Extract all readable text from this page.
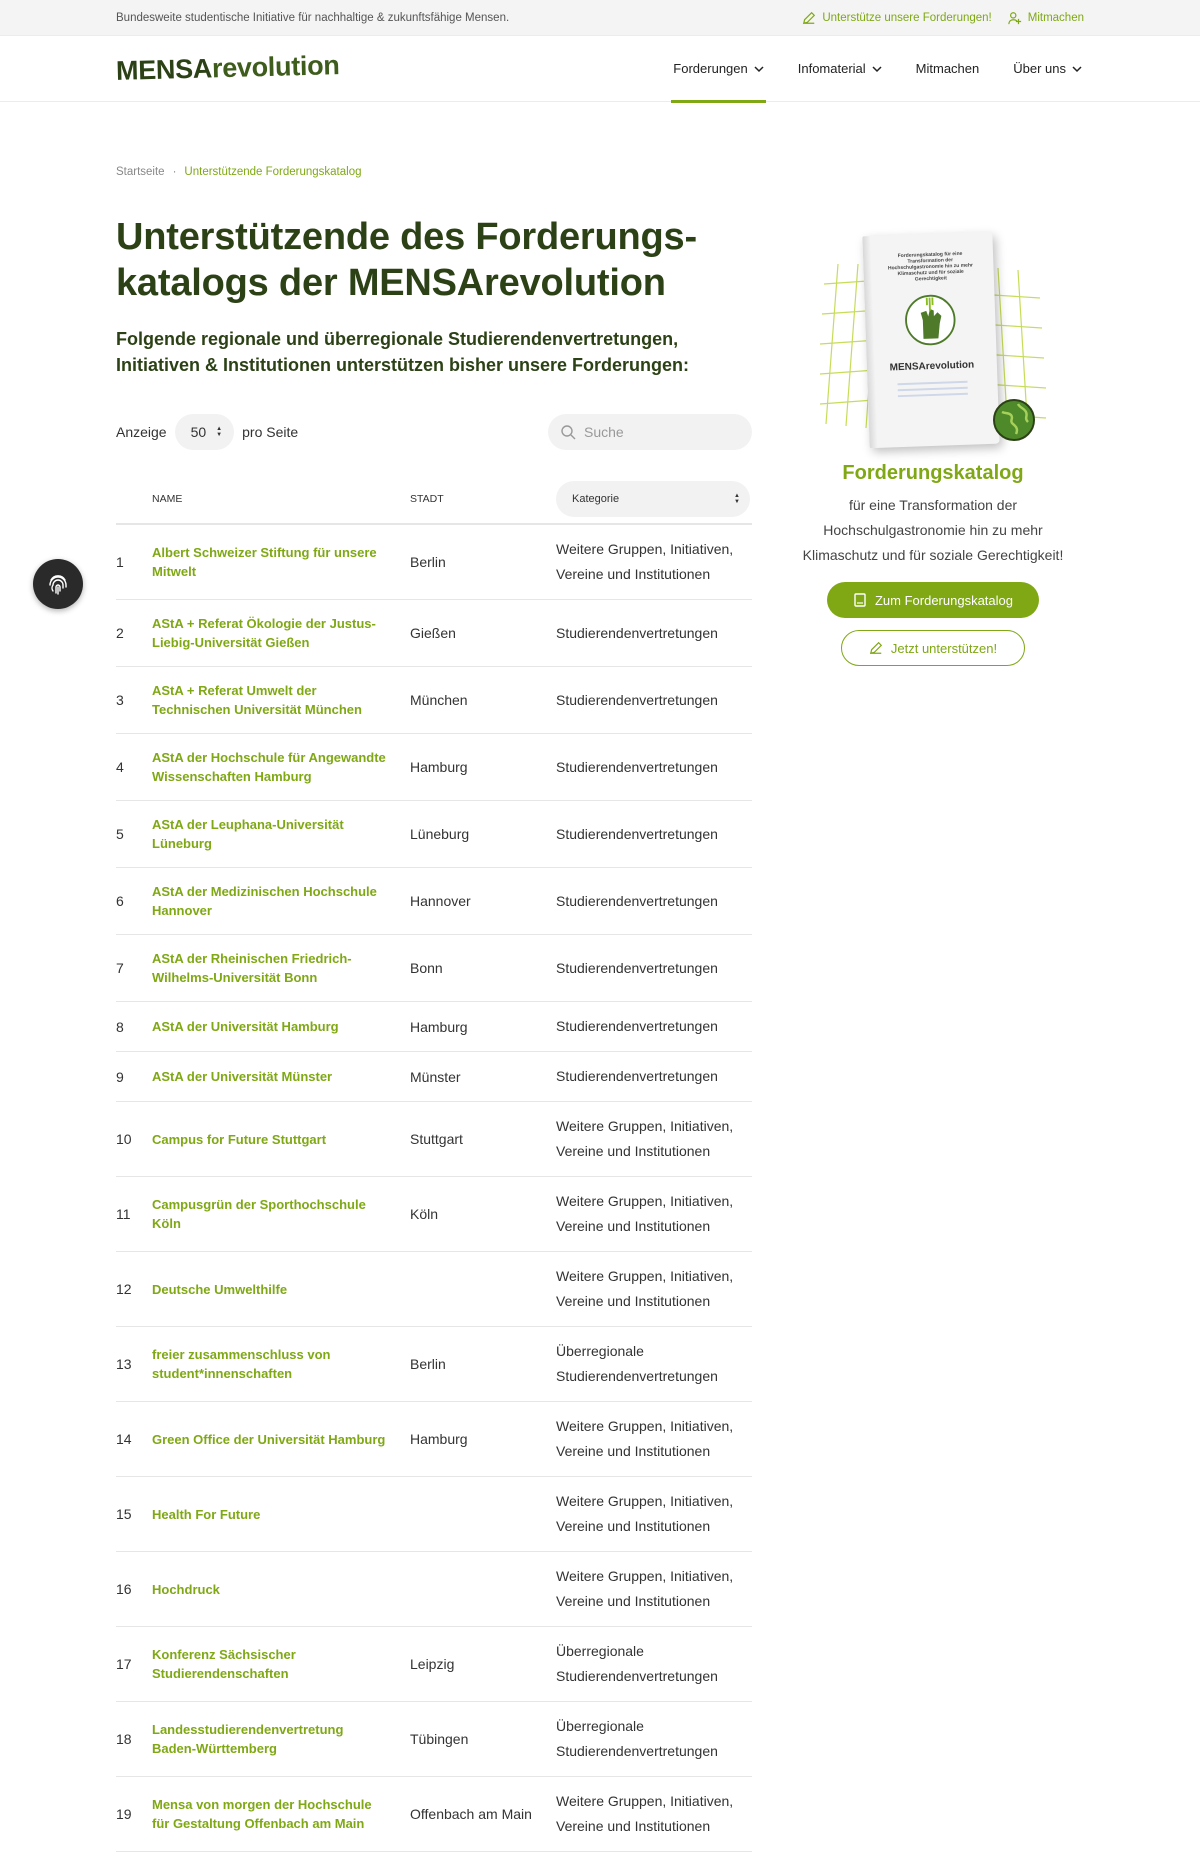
Bundesweite studentische Initiative für nachhaltige & zukunftsfähige Mensen.	Unterstütze unsere Forderungen!	Mitmachen
MENSArevolution	Forderungen	Infomaterial	Mitmachen	Über uns
Startseite · Unterstützende Forderungskatalog
Unterstützende des Forderungs-
katalogs der MENSArevolution

Folgende regionale und überregionale Studierendenvertretungen, Initiativen & Institutionen unterstützen bisher unsere Forderungen:

Anzeige 50 ▲
▼ pro Seite
Suche
	NAME	STADT	Kategorie ▲
▼

1	Albert Schweizer Stiftung für unsere Mitwelt	Berlin	Weitere Gruppen, Initiativen, Vereine und Institutionen
2	AStA + Referat Ökologie der Justus-Liebig-Universität Gießen	Gießen	Studierendenvertretungen
3	AStA + Referat Umwelt der Technischen Universität München	München	Studierendenvertretungen
4	AStA der Hochschule für Angewandte Wissenschaften Hamburg	Hamburg	Studierendenvertretungen
5	AStA der Leuphana-Universität Lüneburg	Lüneburg	Studierendenvertretungen
6	AStA der Medizinischen Hochschule Hannover	Hannover	Studierendenvertretungen
7	AStA der Rheinischen Friedrich-Wilhelms-Universität Bonn	Bonn	Studierendenvertretungen
8	AStA der Universität Hamburg	Hamburg	Studierendenvertretungen
9	AStA der Universität Münster	Münster	Studierendenvertretungen
10	Campus for Future Stuttgart	Stuttgart	Weitere Gruppen, Initiativen, Vereine und Institutionen
11	Campusgrün der Sporthochschule Köln	Köln	Weitere Gruppen, Initiativen, Vereine und Institutionen
12	Deutsche Umwelthilfe		Weitere Gruppen, Initiativen, Vereine und Institutionen
13	freier zusammenschluss von student*innenschaften	Berlin	Überregionale Studierendenvertretungen
14	Green Office der Universität Hamburg	Hamburg	Weitere Gruppen, Initiativen, Vereine und Institutionen
15	Health For Future		Weitere Gruppen, Initiativen, Vereine und Institutionen
16	Hochdruck		Weitere Gruppen, Initiativen, Vereine und Institutionen
17	Konferenz Sächsischer Studierendenschaften	Leipzig	Überregionale Studierendenvertretungen
18	Landesstudierendenvertretung Baden-Württemberg	Tübingen	Überregionale Studierendenvertretungen
19	Mensa von morgen der Hochschule für Gestaltung Offenbach am Main	Offenbach am Main	Weitere Gruppen, Initiativen, Vereine und Institutionen
Forderungskatalog für eine Transformation der Hochschulgastronomie hin zu mehr Klimaschutz und für soziale Gerechtigkeit
MENSArevolution
Forderungskatalog
für eine Transformation der Hochschulgastronomie hin zu mehr Klimaschutz und für soziale Gerechtigkeit!
Zum Forderungskatalog
Jetzt unterstützen!
